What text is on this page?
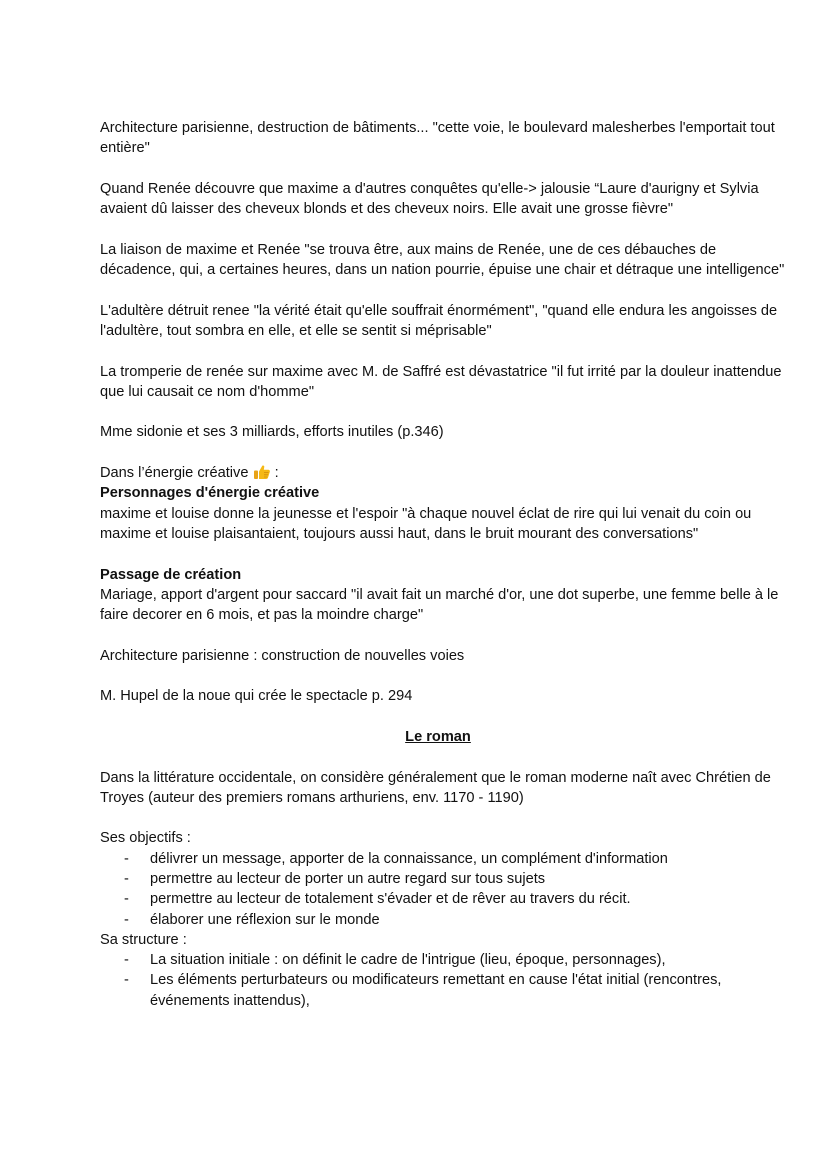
Architecture parisienne, destruction de bâtiments... "cette voie, le boulevard malesherbes l'emportait tout entière"

Quand Renée découvre que maxime a d'autres conquêtes qu'elle-> jalousie “Laure d'aurigny et Sylvia avaient dû laisser des cheveux blonds et des cheveux noirs. Elle avait une grosse fièvre"

La liaison de maxime et Renée "se trouva être, aux mains de Renée, une de ces débauches de décadence, qui, a certaines heures, dans un nation pourrie, épuise une chair et détraque une intelligence"

L'adultère détruit renee "la vérité était qu'elle souffrait énormément", "quand elle endura les angoisses de l'adultère, tout sombra en elle, et elle se sentit si méprisable"

La tromperie de renée sur maxime avec M. de Saffré est dévastatrice "il fut irrité par la douleur inattendue que lui causait ce nom d'homme"

Mme sidonie et ses 3 milliards, efforts inutiles (p.346)

Dans l’énergie créative  :

Personnages d'énergie créative

maxime et louise donne la jeunesse et l'espoir "à chaque nouvel éclat de rire qui lui venait du coin ou maxime et louise plaisantaient, toujours aussi haut, dans le bruit mourant des conversations"

Passage de création

Mariage, apport d'argent pour saccard "il avait fait un marché d'or, une dot superbe, une femme belle à le faire decorer en 6 mois, et pas la moindre charge"

Architecture parisienne : construction de nouvelles voies

M. Hupel de la noue qui crée le spectacle p. 294

Le roman

Dans la littérature occidentale, on considère généralement que le roman moderne naît avec Chrétien de Troyes (auteur des premiers romans arthuriens, env. 1170 - 1190)

Ses objectifs :

- délivrer un message, apporter de la connaissance, un complément d'information
- permettre au lecteur de porter un autre regard sur tous sujets
- permettre au lecteur de totalement s'évader et de rêver au travers du récit.
- élaborer une réflexion sur le monde

Sa structure :

- La situation initiale : on définit le cadre de l'intrigue (lieu, époque, personnages),
- Les éléments perturbateurs ou modificateurs remettant en cause l'état initial (rencontres, événements inattendus),
